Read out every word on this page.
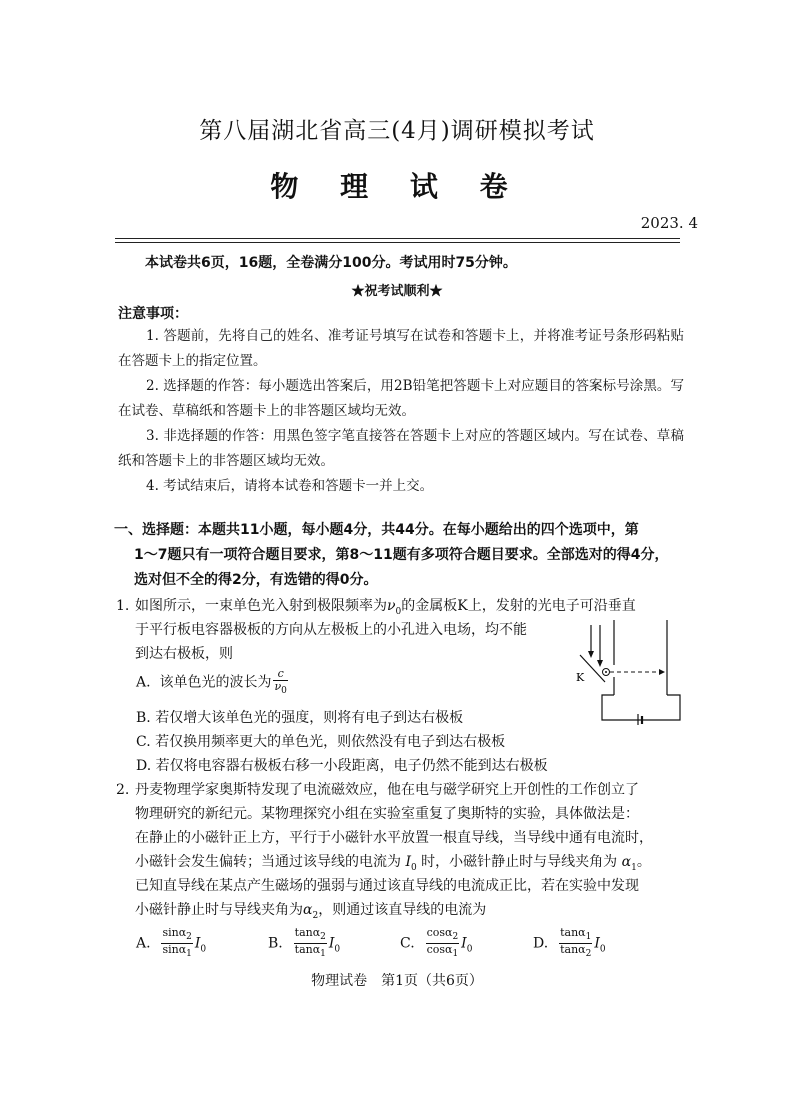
第八届湖北省高三(4月)调研模拟考试
物 理 试 卷
2023. 4
本试卷共6页，16题，全卷满分100分。考试用时75分钟。
★祝考试顺利★
注意事项：
1. 答题前，先将自己的姓名、准考证号填写在试卷和答题卡上，并将准考证号条形码粘贴在答题卡上的指定位置。
2. 选择题的作答：每小题选出答案后，用2B铅笔把答题卡上对应题目的答案标号涂黑。写在试卷、草稿纸和答题卡上的非答题区域均无效。
3. 非选择题的作答：用黑色签字笔直接答在答题卡上对应的答题区域内。写在试卷、草稿纸和答题卡上的非答题区域均无效。
4. 考试结束后，请将本试卷和答题卡一并上交。
一、选择题：本题共11小题，每小题4分，共44分。在每小题给出的四个选项中，第

1～7题只有一项符合题目要求，第8～11题有多项符合题目要求。全部选对的得4分，
选对但不全的得2分，有选错的得0分。
1. 如图所示，一束单色光入射到极限频率为$\nu_0$的金属板K上，发射的光电子可沿垂直
于平行板电容器极板的方向从左极板上的小孔进入电场，均不能
到达右极板，则
A. 该单色光的波长为 $\frac{c}{\nu_0}$
B. 若仅增大该单色光的强度，则将有电子到达右极板
C. 若仅换用频率更大的单色光，则依然没有电子到达右极板
D. 若仅将电容器右极板右移一小段距离，电子仍然不能到达右极板
K
2. 丹麦物理学家奥斯特发现了电流磁效应，他在电与磁学研究上开创性的工作创立了
物理研究的新纪元。某物理探究小组在实验室重复了奥斯特的实验，具体做法是：
在静止的小磁针正上方，平行于小磁针水平放置一根直导线，当导线中通有电流时，
小磁针会发生偏转；当通过该导线的电流为 $I_0$ 时，小磁针静止时与导线夹角为 $\alpha_1$。
已知直导线在某点产生磁场的强弱与通过该直导线的电流成正比，若在实验中发现
小磁针静止时与导线夹角为$\alpha_2$，则通过该直导线的电流为
A. $\frac{\sin\alpha_2}{\sin\alpha_1} I_0$	B. $\frac{\tan\alpha_2}{\tan\alpha_1} I_0$	C. $\frac{\cos\alpha_2}{\cos\alpha_1} I_0$	D. $\frac{\tan\alpha_1}{\tan\alpha_2} I_0$
物理试卷　第1页（共6页）
